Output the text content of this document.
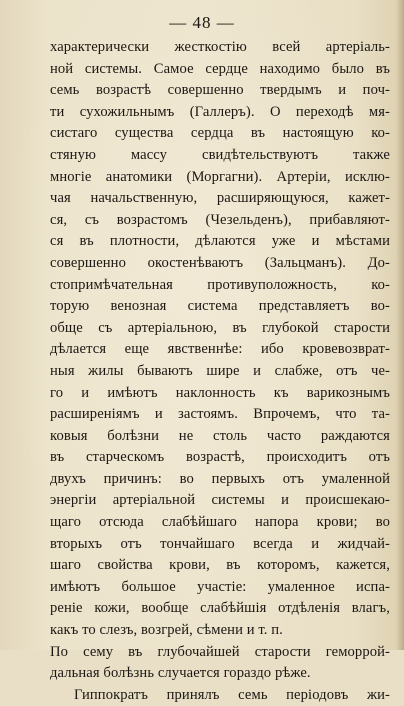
— 48 —
характерически жесткостію всей артеріаль-
ной системы. Самое сердце находимо было въ
семь возрастѣ совершенно твердымъ и поч-
ти сухожильнымъ (Галлеръ). О переходѣ мя-
систаго существа сердца въ настоящую ко-
стяную массу свидѣтельствуютъ также
многіе анатомики (Моргагни). Артеріи, исклю-
чая начальственную, расширяющуюся, кажет-
ся, съ возрастомъ (Чезельденъ), прибавляют-
ся въ плотности, дѣлаются уже и мѣстами
совершенно окостенѣваютъ (Зальцманъ). До-
стопримѣчательная противуположность, ко-
торую венозная система представляетъ во-
обще съ артеріальною, въ глубокой старости
дѣлается еще явственнѣе: ибо кровевозврат-
ныя жилы бываютъ шире и слабже, отъ че-
го и имѣютъ наклонность къ варикознымъ
расширеніямъ и застоямъ. Впрочемъ, что та-
ковыя болѣзни не столь часто раждаются
въ старческомъ возрастѣ, происходитъ отъ
двухъ причинъ: во первыхъ отъ умаленной
энергіи артеріальной системы и происшекаю-
щаго отсюда слабѣйшаго напора крови; во
вторыхъ отъ тончайшаго всегда и жидчай-
шаго свойства крови, въ которомъ, кажется,
имѣютъ большое участіе: умаленное испа-
реніе кожи, вообще слабѣйшія отдѣленія влагъ,
какъ то слезъ, возгрей, сѣмени и т. п.
По сему въ глубочайшей старости геморрой-
дальная болѣзнь случается гораздо рѣже.
Гиппократъ принялъ семь періодовъ жи-
